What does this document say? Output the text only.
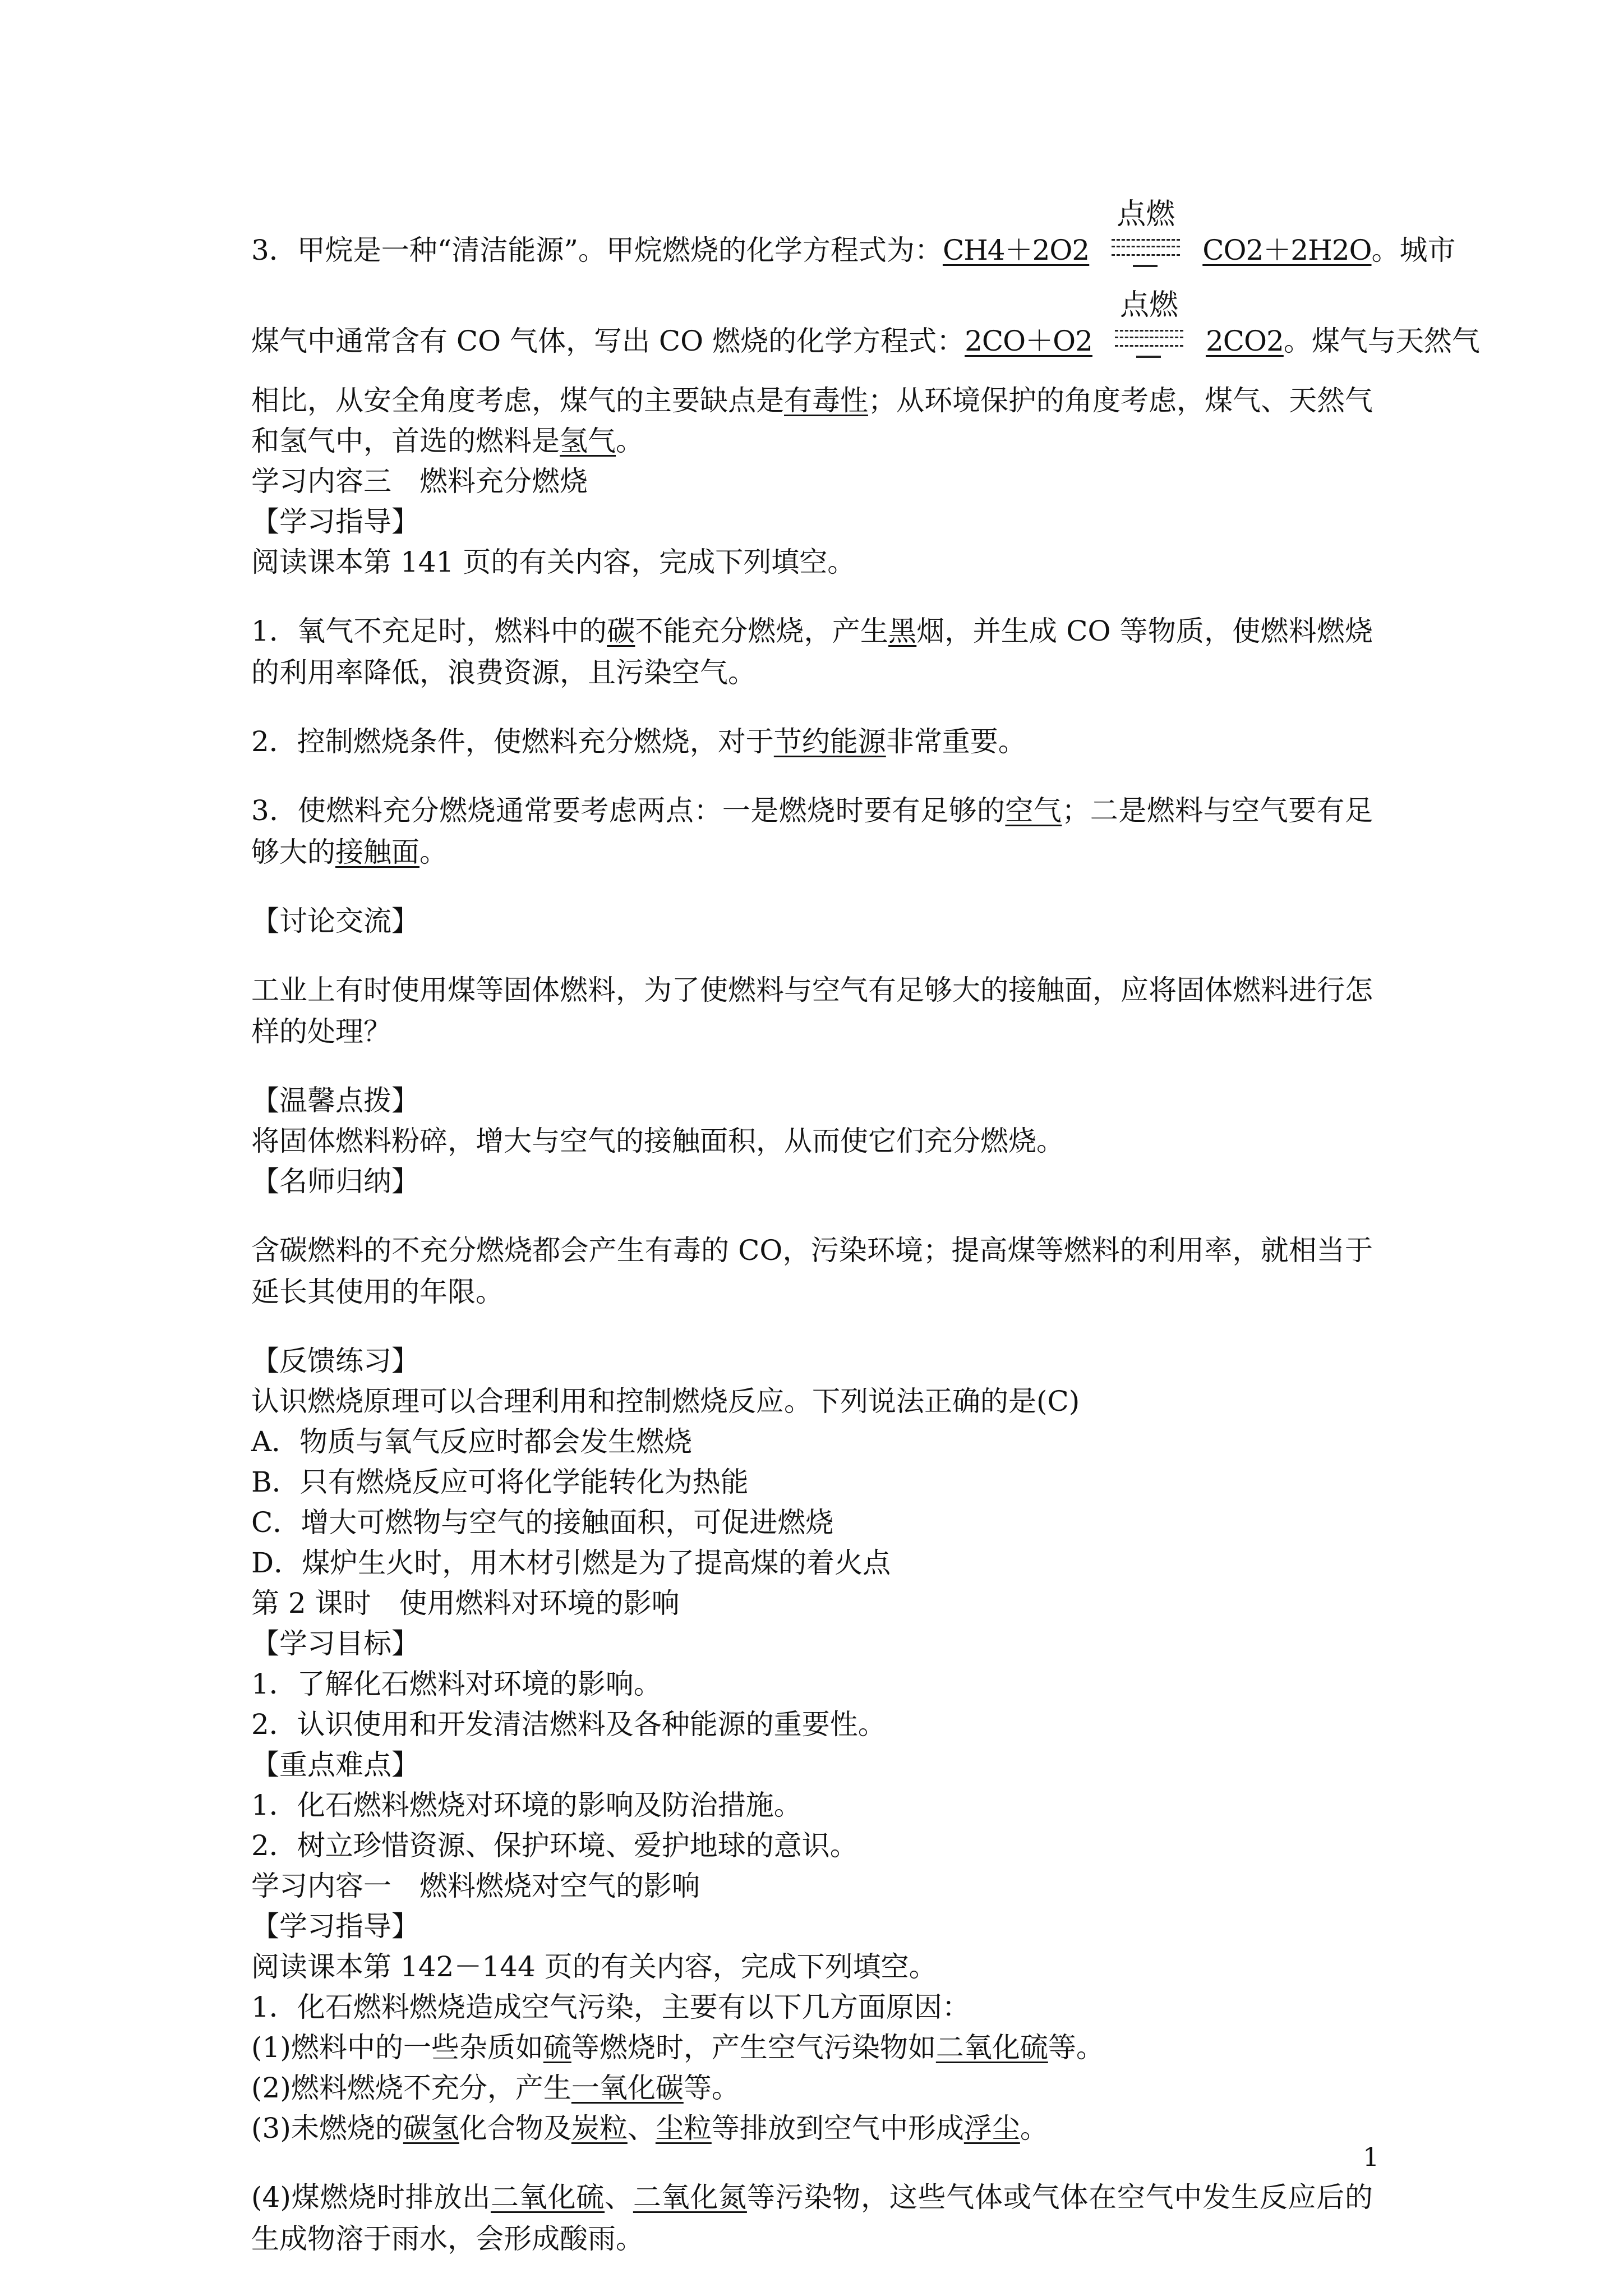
3．甲烷是一种“清洁能源”。甲烷燃烧的化学方程式为：CH4＋2O2
点燃
CO2＋2H2O。城市

煤气中通常含有 CO 气体，写出 CO 燃烧的化学方程式：2CO＋O2
点燃
2CO2。煤气与天然气

相比，从安全角度考虑，煤气的主要缺点是有毒性；从环境保护的角度考虑，煤气、天然气

和氢气中，首选的燃料是氢气。

学习内容三　燃料充分燃烧

【学习指导】

阅读课本第 141 页的有关内容，完成下列填空。

1．氧气不充足时，燃料中的碳不能充分燃烧，产生黑烟，并生成 CO 等物质，使燃料燃烧的利用率降低，浪费资源，且污染空气。

2．控制燃烧条件，使燃料充分燃烧，对于节约能源非常重要。

3．使燃料充分燃烧通常要考虑两点：一是燃烧时要有足够的空气；二是燃料与空气要有足够大的接触面。

【讨论交流】

工业上有时使用煤等固体燃料，为了使燃料与空气有足够大的接触面，应将固体燃料进行怎样的处理？

【温馨点拨】

将固体燃料粉碎，增大与空气的接触面积，从而使它们充分燃烧。

【名师归纳】

含碳燃料的不充分燃烧都会产生有毒的 CO，污染环境；提高煤等燃料的利用率，就相当于延长其使用的年限。

【反馈练习】

认识燃烧原理可以合理利用和控制燃烧反应。下列说法正确的是(C)

A．物质与氧气反应时都会发生燃烧

B．只有燃烧反应可将化学能转化为热能

C．增大可燃物与空气的接触面积，可促进燃烧

D．煤炉生火时，用木材引燃是为了提高煤的着火点

第 2 课时　使用燃料对环境的影响

【学习目标】

1．了解化石燃料对环境的影响。

2．认识使用和开发清洁燃料及各种能源的重要性。

【重点难点】

1．化石燃料燃烧对环境的影响及防治措施。

2．树立珍惜资源、保护环境、爱护地球的意识。

学习内容一　燃料燃烧对空气的影响

【学习指导】

阅读课本第 142－144 页的有关内容，完成下列填空。

1．化石燃料燃烧造成空气污染，主要有以下几方面原因：

(1)燃料中的一些杂质如硫等燃烧时，产生空气污染物如二氧化硫等。

(2)燃料燃烧不充分，产生一氧化碳等。

(3)未燃烧的碳氢化合物及炭粒、尘粒等排放到空气中形成浮尘。

(4)煤燃烧时排放出二氧化硫、二氧化氮等污染物，这些气体或气体在空气中发生反应后的生成物溶于雨水，会形成酸雨。

1
